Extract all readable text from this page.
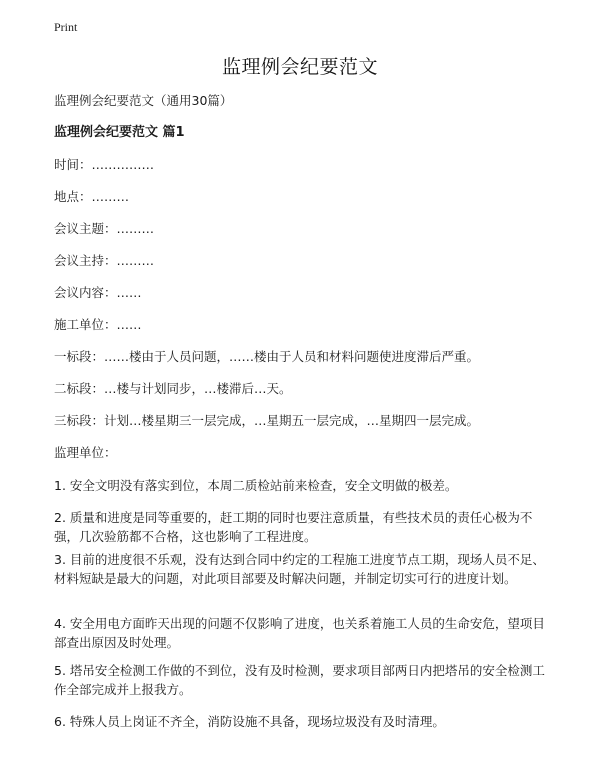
Print
监理例会纪要范文

监理例会纪要范文（通用30篇）

监理例会纪要范文 篇1

时间：……………

地点：………

会议主题：………

会议主持：………

会议内容：……

施工单位：……

一标段：……楼由于人员问题，……楼由于人员和材料问题使进度滞后严重。

二标段：…楼与计划同步，…楼滞后…天。

三标段：计划…楼星期三一层完成，…星期五一层完成，…星期四一层完成。

监理单位：

1. 安全文明没有落实到位，本周二质检站前来检查，安全文明做的极差。

2. 质量和进度是同等重要的，赶工期的同时也要注意质量，有些技术员的责任心极为不强，几次验筋都不合格，这也影响了工程进度。

3. 目前的进度很不乐观，没有达到合同中约定的工程施工进度节点工期，现场人员不足、材料短缺是最大的问题，对此项目部要及时解决问题，并制定切实可行的进度计划。

4. 安全用电方面昨天出现的问题不仅影响了进度，也关系着施工人员的生命安危，望项目部查出原因及时处理。

5. 塔吊安全检测工作做的不到位，没有及时检测，要求项目部两日内把塔吊的安全检测工作全部完成并上报我方。

6. 特殊人员上岗证不齐全，消防设施不具备，现场垃圾没有及时清理。
